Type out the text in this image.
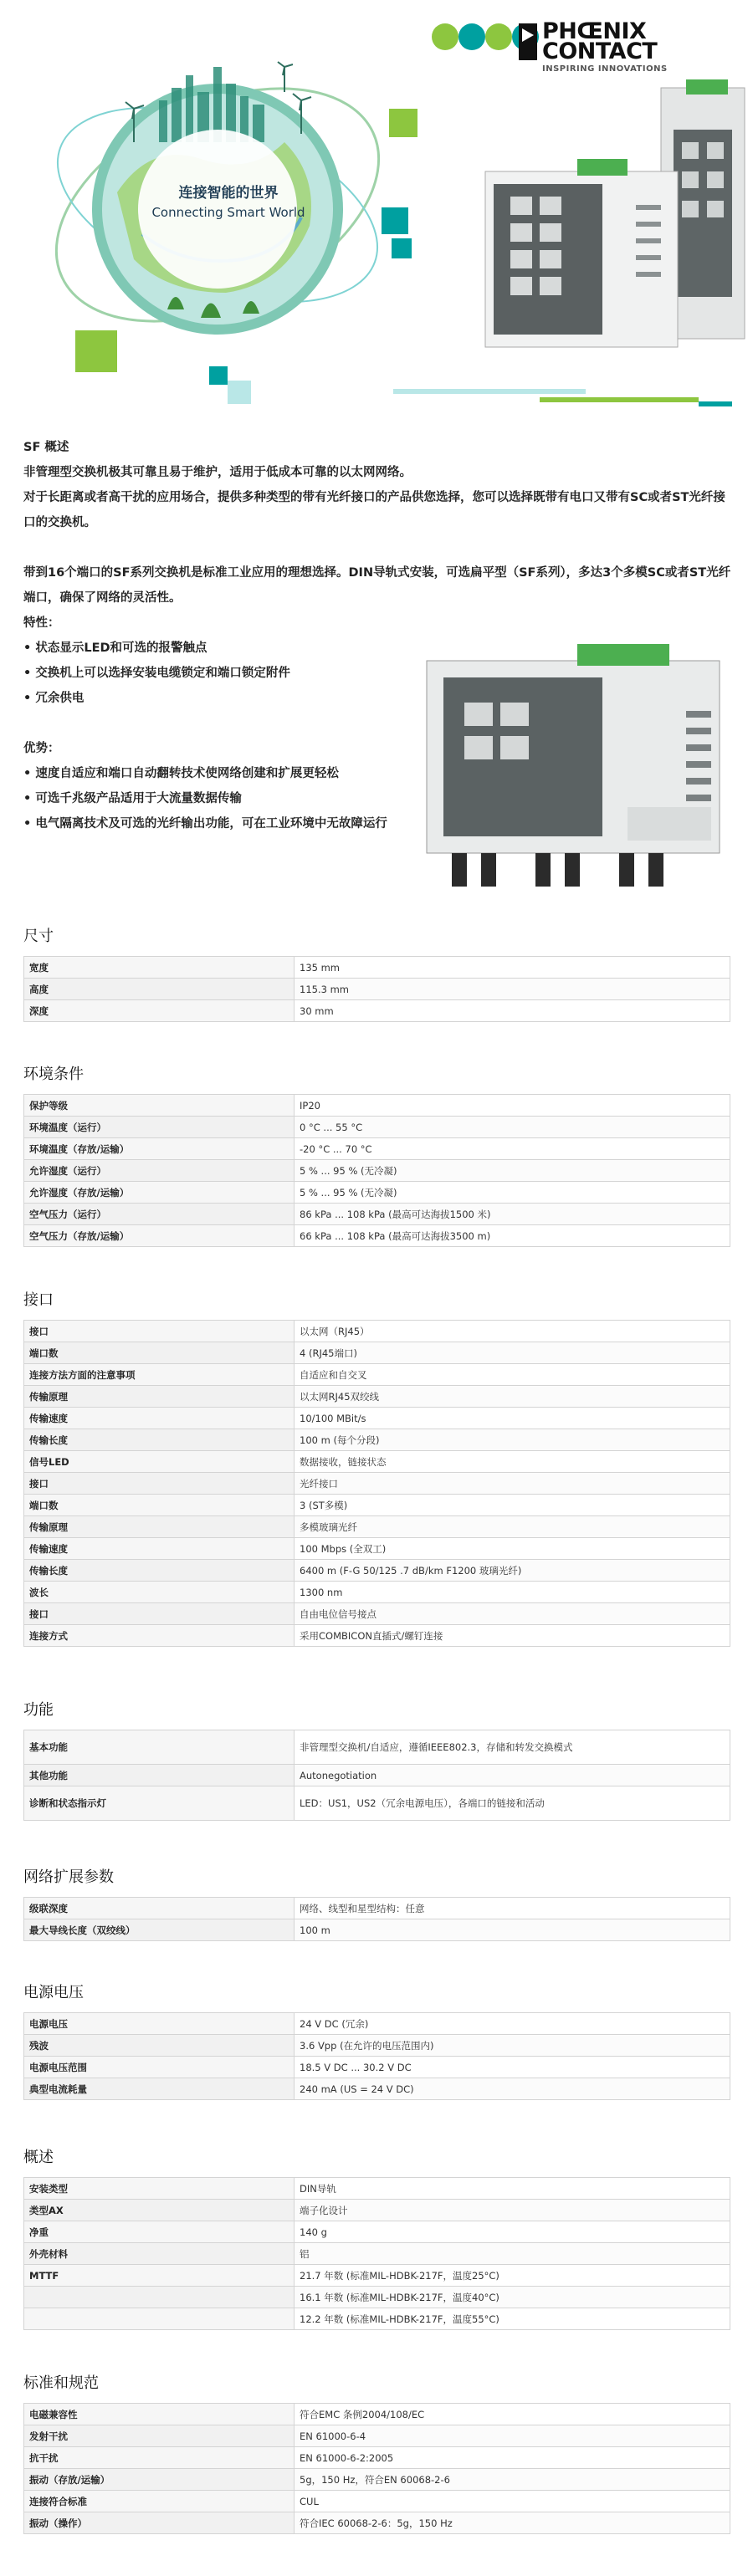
连接智能的世界
Connecting Smart World
PHŒNIX
CONTACT
INSPIRING INNOVATIONS

SF 概述

非管理型交换机极其可靠且易于维护，适用于低成本可靠的以太网网络。

对于长距离或者高干扰的应用场合，提供多种类型的带有光纤接口的产品供您选择，您可以选择既带有电口又带有SC或者ST光纤接口的交换机。

带到16个端口的SF系列交换机是标准工业应用的理想选择。DIN导轨式安装，可选扁平型（SF系列），多达3个多模SC或者ST光纤端口，确保了网络的灵活性。

特性：

• 状态显示LED和可选的报警触点
• 交换机上可以选择安装电缆锁定和端口锁定附件
• 冗余供电

优势：

• 速度自适应和端口自动翻转技术使网络创建和扩展更轻松
• 可选千兆级产品适用于大流量数据传输
• 电气隔离技术及可选的光纤输出功能，可在工业环境中无故障运行
尺寸
宽度	135 mm
高度	115.3 mm
深度	30 mm
环境条件
保护等级	IP20
环境温度（运行）	0 °C ... 55 °C
环境温度（存放/运输）	-20 °C ... 70 °C
允许湿度（运行）	5 % ... 95 % (无冷凝)
允许湿度（存放/运输）	5 % ... 95 % (无冷凝)
空气压力（运行）	86 kPa ... 108 kPa (最高可达海拔1500 米)
空气压力（存放/运输）	66 kPa ... 108 kPa (最高可达海拔3500 m)
接口
接口	以太网（RJ45）
端口数	4 (RJ45端口)
连接方法方面的注意事项	自适应和自交叉
传输原理	以太网RJ45双绞线
传输速度	10/100 MBit/s
传输长度	100 m (每个分段)
信号LED	数据接收，链接状态
接口	光纤接口
端口数	3 (ST多模)
传输原理	多模玻璃光纤
传输速度	100 Mbps (全双工)
传输长度	6400 m (F-G 50/125 .7 dB/km F1200 玻璃光纤)
波长	1300 nm
接口	自由电位信号接点
连接方式	采用COMBICON直插式/螺钉连接
功能
基本功能	非管理型交换机/自适应，遵循IEEE802.3，存储和转发交换模式
其他功能	Autonegotiation
诊断和状态指示灯	LED：US1，US2（冗余电源电压），各端口的链接和活动
网络扩展参数
级联深度	网络、线型和星型结构：任意
最大导线长度（双绞线）	100 m
电源电压
电源电压	24 V DC (冗余)
残波	3.6 Vpp (在允许的电压范围内)
电源电压范围	18.5 V DC ... 30.2 V DC
典型电流耗量	240 mA (US = 24 V DC)
概述
安装类型	DIN导轨
类型AX	端子化设计
净重	140 g
外壳材料	铝
MTTF	21.7 年数 (标准MIL-HDBK-217F，温度25°C)
	16.1 年数 (标准MIL-HDBK-217F，温度40°C)
	12.2 年数 (标准MIL-HDBK-217F，温度55°C)
标准和规范
电磁兼容性	符合EMC 条例2004/108/EC
发射干扰	EN 61000-6-4
抗干扰	EN 61000-6-2:2005
振动（存放/运输）	5g，150 Hz，符合EN 60068-2-6
连接符合标准	CUL
振动（操作）	符合IEC 60068-2-6：5g，150 Hz
